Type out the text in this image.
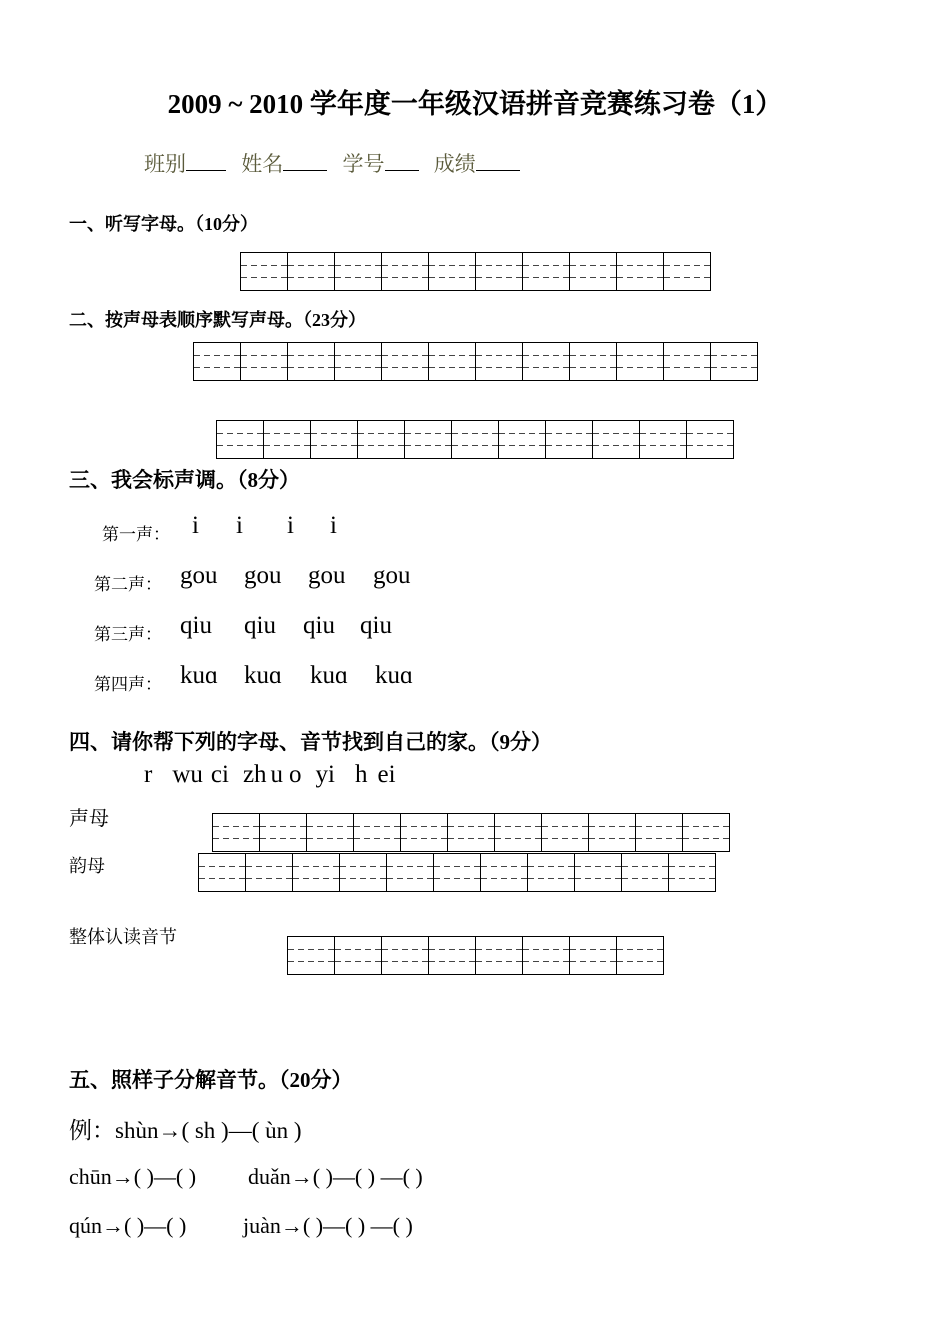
2009 ~ 2010 学年度一年级汉语拼音竞赛练习卷（1）
班别	姓名	学号 成绩
一、听写字母。（10分）
二、按声母表顺序默写声母。（23分）
三、我会标声调。（8分）
第一声： i i i i
第二声： gou gou gou gou
第三声： qiu qiu qiu qiu
第四声： kuɑ kuɑ kuɑ kuɑ
四、请你帮下列的字母、音节找到自己的家。（9分）
r wu ci zh u o yi h ei
声母
韵母
整体认读音节
五、照样子分解音节。（20分）
例：shùn→( sh )—( ùn )
chūn→( )—( ) duǎn→( )—( ) —( )
qún→( )—( )	juàn→( )—( ) —( )
